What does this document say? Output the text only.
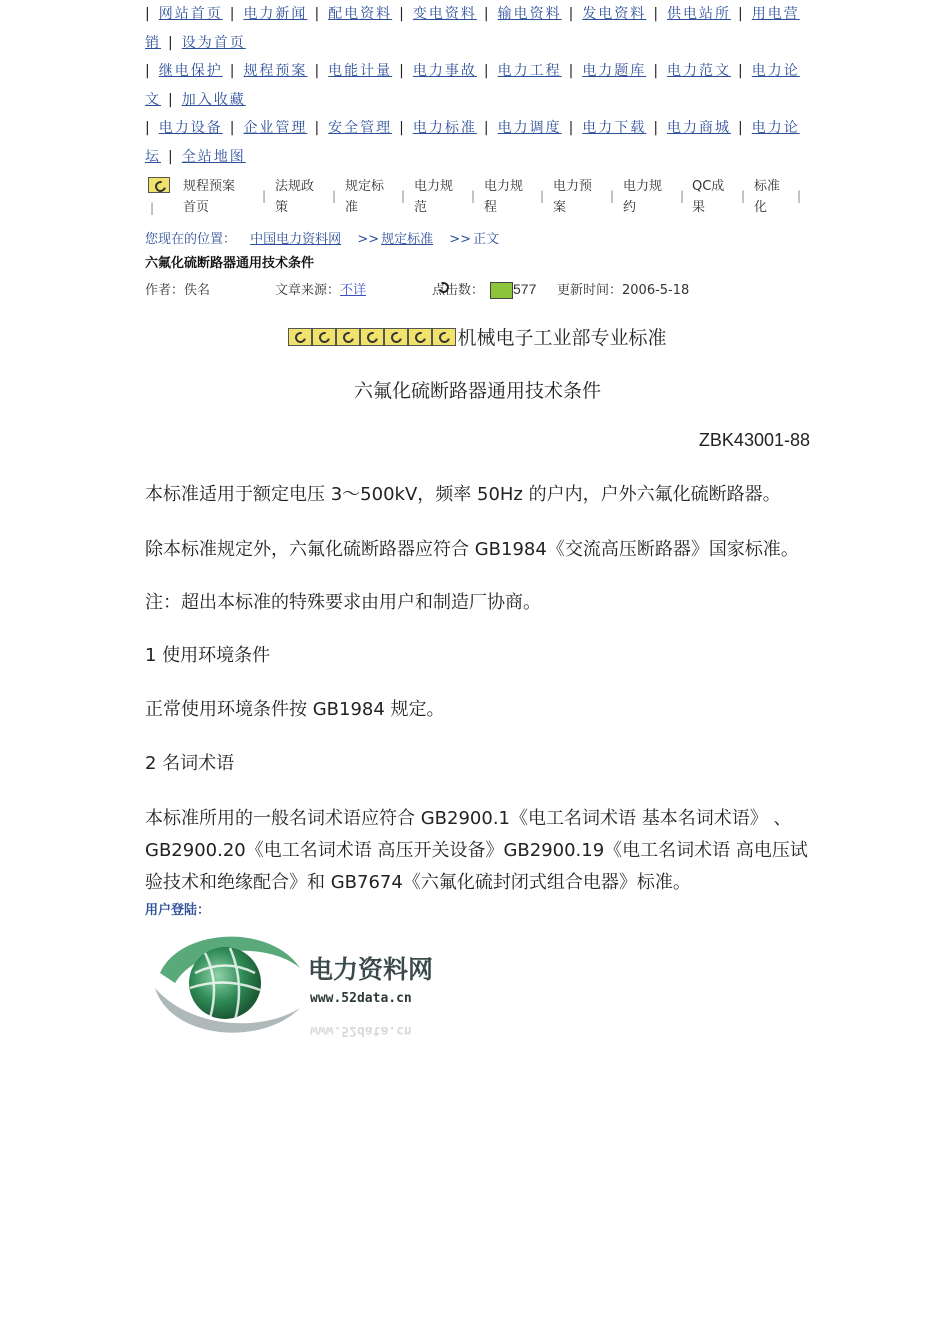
| 网站首页 | 电力新闻 | 配电资料 | 变电资料 | 输电资料 | 发电资料 | 供电站所 | 用电营销 | 设为首页
| 继电保护 | 规程预案 | 电能计量 | 电力事故 | 电力工程 | 电力题库 | 电力范文 | 电力论文 | 加入收藏
| 电力设备 | 企业管理 | 安全管理 | 电力标准 | 电力调度 | 电力下载 | 电力商城 | 电力论坛 | 全站地图
规程预案
首页
法规政
策
规定标
准
电力规
范
电力规
程
电力预
案
电力规
约
QC成
果
标准
化
|
|	|	|	|	|	|	|	|	|
您现在的位置： 中国电力资料网 >> 规定标准 >> 正文
六氟化硫断路器通用技术条件
作者：佚名	文章来源：不详	点击数： 577 更新时间：2006-5-18
机械电子工业部专业标准
六氟化硫断路器通用技术条件
ZBK43001-88
本标准适用于额定电压 3～500kV，频率 50Hz 的户内，户外六氟化硫断路器。
除本标准规定外，六氟化硫断路器应符合 GB1984《交流高压断路器》国家标准。
注：超出本标准的特殊要求由用户和制造厂协商。
1 使用环境条件
正常使用环境条件按 GB1984 规定。
2 名词术语
本标准所用的一般名词术语应符合 GB2900.1《电工名词术语 基本名词术语》 、GB2900.20《电工名词术语 高压开关设备》GB2900.19《电工名词术语 高电压试验技术和绝缘配合》和 GB7674《六氟化硫封闭式组合电器》标准。
用户登陆：
电力资料网
www.52data.cn
www.52data.cn
